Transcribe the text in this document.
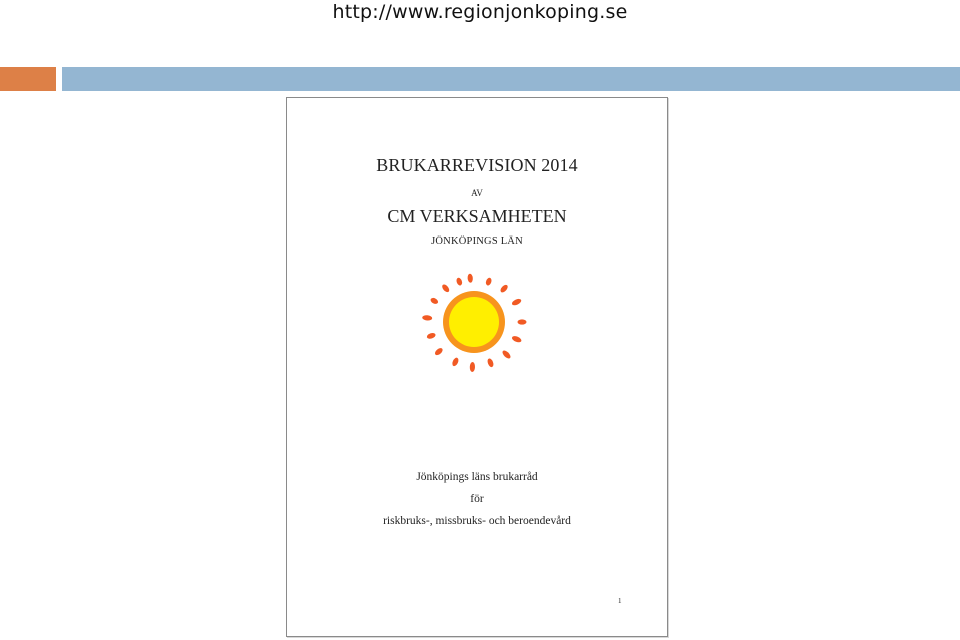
http://www.regionjonkoping.se
BRUKARREVISION 2014
AV
CM VERKSAMHETEN
JÖNKÖPINGS LÄN
Jönköpings läns brukarråd
för
riskbruks-, missbruks- och beroendevård
1
